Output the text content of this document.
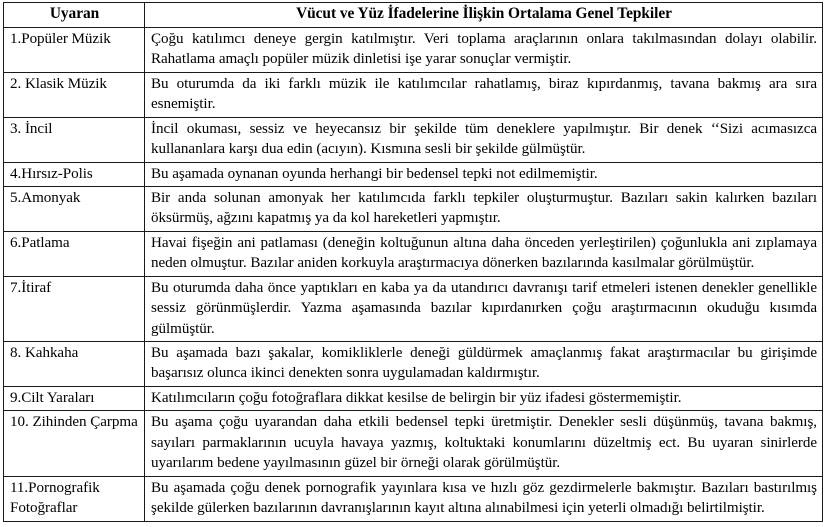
Uyaran	Vücut ve Yüz İfadelerine İlişkin Ortalama Genel Tepkiler
1.Popüler Müzik	Çoğu katılımcı deneye gergin katılmıştır. Veri toplama araçlarının onlara takılmasından dolayı olabilir. Rahatlama amaçlı popüler müzik dinletisi işe yarar sonuçlar vermiştir.
2. Klasik Müzik	Bu oturumda da iki farklı müzik ile katılımcılar rahatlamış, biraz kıpırdanmış, tavana bakmış ara sıra esnemiştir.
3. İncil	İncil okuması, sessiz ve heyecansız bir şekilde tüm deneklere yapılmıştır. Bir denek ‘‘Sizi acımasızca kullananlara karşı dua edin (acıyın). Kısmına sesli bir şekilde gülmüştür.
4.Hırsız-Polis	Bu aşamada oynanan oyunda herhangi bir bedensel tepki not edilmemiştir.
5.Amonyak	Bir anda solunan amonyak her katılımcıda farklı tepkiler oluşturmuştur. Bazıları sakin kalırken bazıları öksürmüş, ağzını kapatmış ya da kol hareketleri yapmıştır.
6.Patlama	Havai fişeğin ani patlaması (deneğin koltuğunun altına daha önceden yerleştirilen) çoğunlukla ani zıplamaya neden olmuştur. Bazılar aniden korkuyla araştırmacıya dönerken bazılarında kasılmalar görülmüştür.
7.İtiraf	Bu oturumda daha önce yaptıkları en kaba ya da utandırıcı davranışı tarif etmeleri istenen denekler genellikle sessiz görünmüşlerdir. Yazma aşamasında bazılar kıpırdanırken çoğu araştırmacının okuduğu kısımda gülmüştür.
8. Kahkaha	Bu aşamada bazı şakalar, komikliklerle deneği güldürmek amaçlanmış fakat araştırmacılar bu girişimde başarısız olunca ikinci denekten sonra uygulamadan kaldırmıştır.
9.Cilt Yaraları	Katılımcıların çoğu fotoğraflara dikkat kesilse de belirgin bir yüz ifadesi göstermemiştir.
10. Zihinden Çarpma	Bu aşama çoğu uyarandan daha etkili bedensel tepki üretmiştir. Denekler sesli düşünmüş, tavana bakmış, sayıları parmaklarının ucuyla havaya yazmış, koltuktaki konumlarını düzeltmiş ect. Bu uyaran sinirlerde uyarılarım bedene yayılmasının güzel bir örneği olarak görülmüştür.
11.Pornografik Fotoğraflar	Bu aşamada çoğu denek pornografik yayınlara kısa ve hızlı göz gezdirmelerle bakmıştır. Bazıları bastırılmış şekilde gülerken bazılarının davranışlarının kayıt altına alınabilmesi için yeterli olmadığı belirtilmiştir.
